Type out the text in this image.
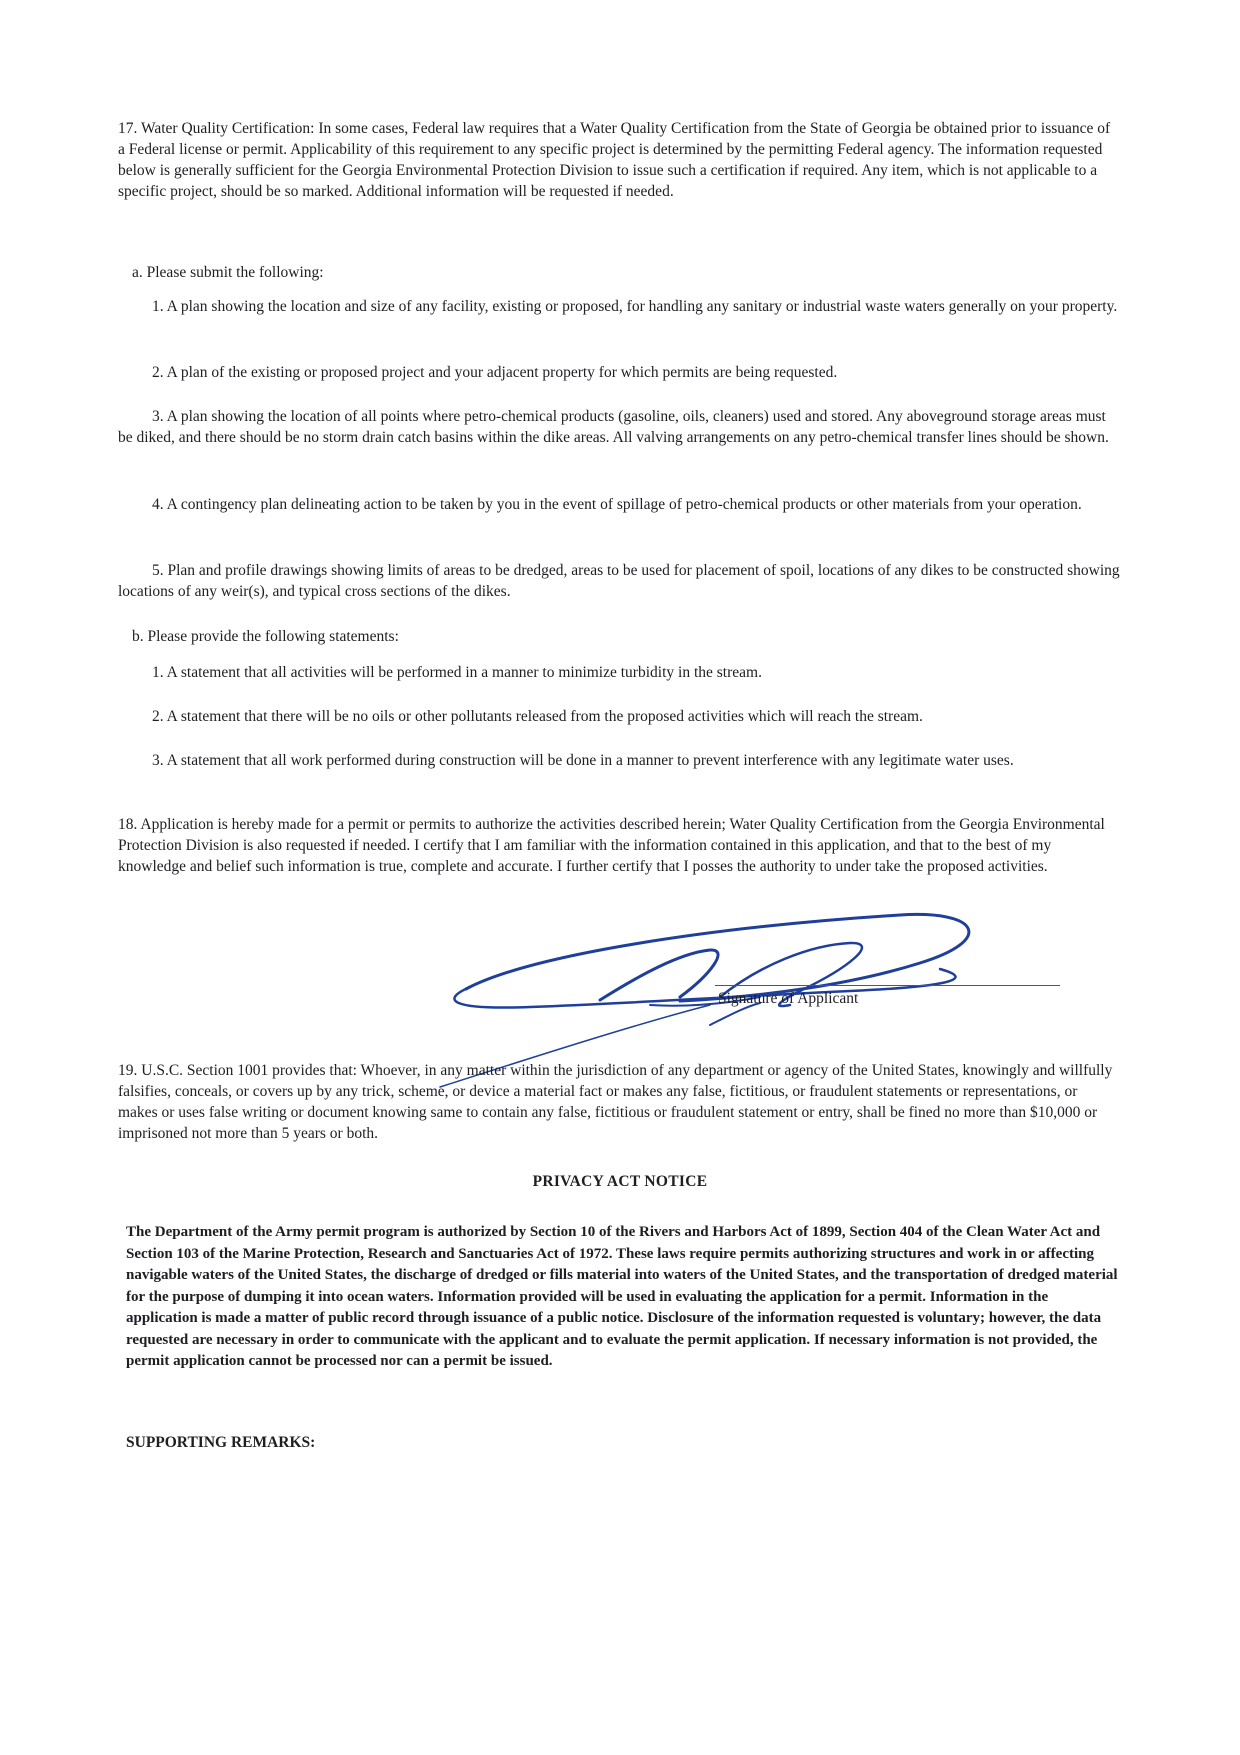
17. Water Quality Certification: In some cases, Federal law requires that a Water Quality Certification from the State of Georgia be obtained prior to issuance of a Federal license or permit. Applicability of this requirement to any specific project is determined by the permitting Federal agency. The information requested below is generally sufficient for the Georgia Environmental Protection Division to issue such a certification if required. Any item, which is not applicable to a specific project, should be so marked. Additional information will be requested if needed.

a. Please submit the following:

1. A plan showing the location and size of any facility, existing or proposed, for handling any sanitary or industrial waste waters generally on your property.

2. A plan of the existing or proposed project and your adjacent property for which permits are being requested.

3. A plan showing the location of all points where petro-chemical products (gasoline, oils, cleaners) used and stored. Any aboveground storage areas must be diked, and there should be no storm drain catch basins within the dike areas. All valving arrangements on any petro-chemical transfer lines should be shown.

4. A contingency plan delineating action to be taken by you in the event of spillage of petro-chemical products or other materials from your operation.

5. Plan and profile drawings showing limits of areas to be dredged, areas to be used for placement of spoil, locations of any dikes to be constructed showing locations of any weir(s), and typical cross sections of the dikes.

b. Please provide the following statements:

1. A statement that all activities will be performed in a manner to minimize turbidity in the stream.

2. A statement that there will be no oils or other pollutants released from the proposed activities which will reach the stream.

3. A statement that all work performed during construction will be done in a manner to prevent interference with any legitimate water uses.

18. Application is hereby made for a permit or permits to authorize the activities described herein; Water Quality Certification from the Georgia Environmental Protection Division is also requested if needed. I certify that I am familiar with the information contained in this application, and that to the best of my knowledge and belief such information is true, complete and accurate. I further certify that I posses the authority to under take the proposed activities.

Signature of Applicant

19. U.S.C. Section 1001 provides that: Whoever, in any matter within the jurisdiction of any department or agency of the United States, knowingly and willfully falsifies, conceals, or covers up by any trick, scheme, or device a material fact or makes any false, fictitious, or fraudulent statements or representations, or makes or uses false writing or document knowing same to contain any false, fictitious or fraudulent statement or entry, shall be fined no more than $10,000 or imprisoned not more than 5 years or both.

PRIVACY ACT NOTICE

The Department of the Army permit program is authorized by Section 10 of the Rivers and Harbors Act of 1899, Section 404 of the Clean Water Act and Section 103 of the Marine Protection, Research and Sanctuaries Act of 1972. These laws require permits authorizing structures and work in or affecting navigable waters of the United States, the discharge of dredged or fills material into waters of the United States, and the transportation of dredged material for the purpose of dumping it into ocean waters. Information provided will be used in evaluating the application for a permit. Information in the application is made a matter of public record through issuance of a public notice. Disclosure of the information requested is voluntary; however, the data requested are necessary in order to communicate with the applicant and to evaluate the permit application. If necessary information is not provided, the permit application cannot be processed nor can a permit be issued.

SUPPORTING REMARKS:
